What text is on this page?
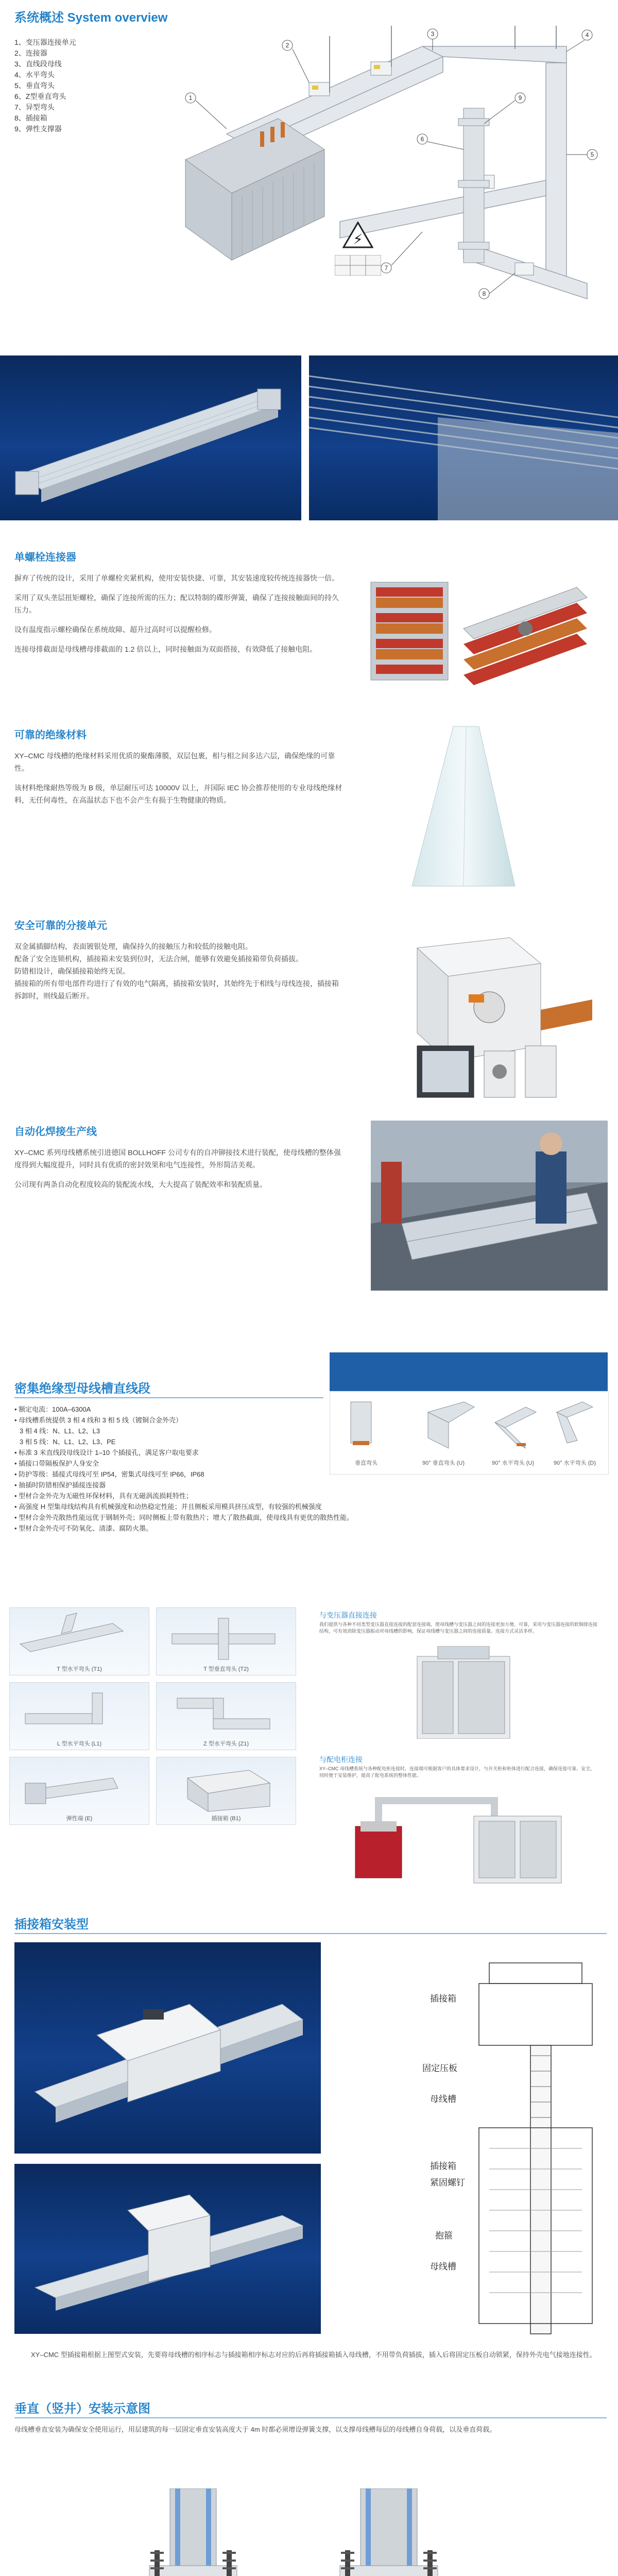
系统概述 System overview
1、变压器连接单元
2、连接器
3、直线段母线
4、水平弯头
5、垂直弯头
6、Z型垂直弯头
7、异型弯头
8、插接箱
9、弹性支撑器
1
2
3	4
5
6
7
8
9
⚡
单螺栓连接器

摒弃了传统的设计，采用了单螺栓夹紧机构，使用安装快捷、可靠，其安装速度较传统连接器快一倍。

采用了双头垄层扭矩螺栓，确保了连接所需的压力；配以特制的碟形弹簧，确保了连接接触面间的持久压力。

设有温度指示螺栓确保在系统故障、超升过高时可以提醒检修。

连接母排截面是母线槽母排截面的 1.2 倍以上，同时接触面为双面搭接，有效降低了接触电阻。

可靠的绝缘材料

XY–CMC 母线槽的绝缘材料采用优质的聚酯薄膜，双层包裹，相与相之间多达六层，确保绝缘的可靠性。

该材料绝缘耐热等级为 B 级，单层耐压可达 10000V 以上，并国际 IEC 协会推荐使用的专业母线绝缘材料，无任何毒性，在高温状态下也不会产生有损于生物健康的物质。

安全可靠的分接单元

双金属插脚结构，表面镀银处理，确保持久的接触压力和较低的接触电阻。

配备了安全连锁机构，插接箱未安装到位时，无法合闸，能够有效避免插接箱带负荷插拔。

防错相设计，确保插接箱始终无误。

插接箱的所有带电部件均进行了有效的电气隔离，插接箱安装时，其始终先于相线与母线连接，插接箱拆卸时，则线最后断开。

自动化焊接生产线

XY–CMC 系列母线槽系统引进德国 BOLLHOFF 公司专有的自冲铆接技术进行装配，使母线槽的整体强度得到大幅度提升，同时具有优质的密封效果和电气连接性，外形简洁美观。

公司现有两条自动化程度较高的装配流水线，大大提高了装配效率和装配质量。

密集绝缘型母线槽直线段
垂直弯头	90° 垂直弯头 (U)	90° 水平弯头 (U)	90° 水平弯头 (D)
• 额定电流：100A–6300A
• 母线槽系统提供 3 相 4 线和 3 相 5 线（镀铜合金外壳）
3 相 4 线：N、L1、L2、L3
3 相 5 线：N、L1、L2、L3、PE
• 标准 3 米直线段母线设计 1–10 个插接孔，满足客户取电要求
• 插接口带隔板保护人身安全
• 防护等级：插接式母线可至 IP54，密集式母线可至 IP66，IP68
• 抽插时防错相保护插接连接器
• 型材合金外壳为无磁性环保材料，具有无磁涡流损耗特性；
• 高强度 H 型集母线结构具有机械强度和动热稳定性能；并且侧板采用模具挤压成型，有较强的机械强度
• 型材合金外壳散热性能远优于钢制外壳；同时侧板上带有散热片；增大了散热截面，使母线具有更优的散热性能。
• 型材合金外壳可不防氧化、渍漆、腐防火墨。
T 型水平弯头 (T1)	T 型垂直弯头 (T2)
L 型水平弯头 (L1)	Z 型水平弯头 (Z1)
弹性端 (E)	插接箱 (B1)
与变压器直接连接
我们提供与各种不同类型变压器直接连接的配套连接端，使母线槽与变压器之间的连接更加方便、可靠，采用与变压器连接的软铜排连接结构，可有效消除变压器振动对母线槽的影响，保证母线槽与变压器之间的连接质量。连接方式灵活多样。
与配电柜连接
XY–CMC 母线槽系统与各种配电柜连接时，连接端可根据客户的具体要求设计，与开关柜和柜体进行配合连接，确保连接可靠、安全，同时便于安装维护，提高了配电系统的整体性能。
插接箱安装型
插接箱
固定压板
母线槽
插接箱
紧固螺钉
抱箍
母线槽
XY–CMC 型插接箱根据上图型式安装，先要将母线槽的相序标志与插接箱相序标志对应的后再将插接箱插入母线槽，不用带负荷插拔，插入后将固定压板自动锁紧，保持外壳电气接地连接性。
垂直（竖井）安装示意图
母线槽垂直安装为确保安全使用运行，用层建筑的每一层固定垂直安装高度大于 4m 时都必须增设弹簧支撑，以支撑母线槽每层的母线槽自身荷载，以及垂直荷载。
